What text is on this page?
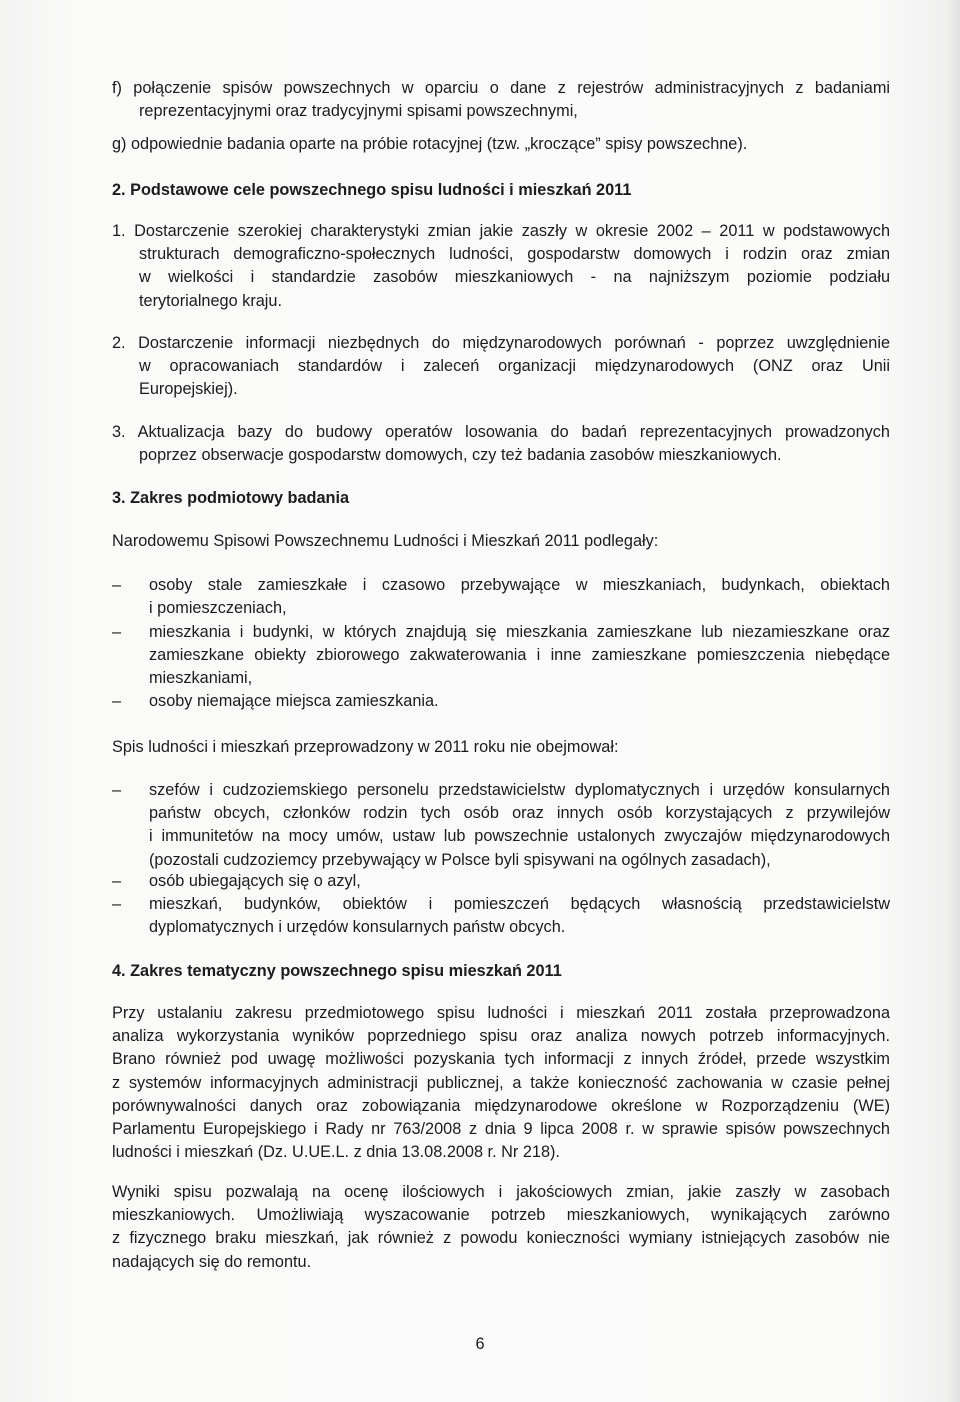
f) połączenie spisów powszechnych w oparciu o dane z rejestrów administracyjnych z badaniami
reprezentacyjnymi oraz tradycyjnymi spisami powszechnymi,
g) odpowiednie badania oparte na próbie rotacyjnej (tzw. „kroczące” spisy powszechne).
2. Podstawowe cele powszechnego spisu ludności i mieszkań 2011
1. Dostarczenie szerokiej charakterystyki zmian jakie zaszły w okresie 2002 – 2011 w podstawowych
strukturach demograficzno-społecznych ludności, gospodarstw domowych i rodzin oraz zmian
w wielkości i standardzie zasobów mieszkaniowych - na najniższym poziomie podziału
terytorialnego kraju.
2. Dostarczenie informacji niezbędnych do międzynarodowych porównań - poprzez uwzględnienie
w opracowaniach standardów i zaleceń organizacji międzynarodowych (ONZ oraz Unii
Europejskiej).
3. Aktualizacja bazy do budowy operatów losowania do badań reprezentacyjnych prowadzonych
poprzez obserwacje gospodarstw domowych, czy też badania zasobów mieszkaniowych.
3. Zakres podmiotowy badania
Narodowemu Spisowi Powszechnemu Ludności i Mieszkań 2011 podlegały:
–	osoby stale zamieszkałe i czasowo przebywające w mieszkaniach, budynkach, obiektach
i pomieszczeniach,
–	mieszkania i budynki, w których znajdują się mieszkania zamieszkane lub niezamieszkane oraz
zamieszkane obiekty zbiorowego zakwaterowania i inne zamieszkane pomieszczenia niebędące
mieszkaniami,
–	osoby niemające miejsca zamieszkania.
Spis ludności i mieszkań przeprowadzony w 2011 roku nie obejmował:
–	szefów i cudzoziemskiego personelu przedstawicielstw dyplomatycznych i urzędów konsularnych
państw obcych, członków rodzin tych osób oraz innych osób korzystających z przywilejów
i immunitetów na mocy umów, ustaw lub powszechnie ustalonych zwyczajów międzynarodowych
(pozostali cudzoziemcy przebywający w Polsce byli spisywani na ogólnych zasadach),
–	osób ubiegających się o azyl,
–	mieszkań, budynków, obiektów i pomieszczeń będących własnością przedstawicielstw
dyplomatycznych i urzędów konsularnych państw obcych.
4. Zakres tematyczny powszechnego spisu mieszkań 2011
Przy ustalaniu zakresu przedmiotowego spisu ludności i mieszkań 2011 została przeprowadzona
analiza wykorzystania wyników poprzedniego spisu oraz analiza nowych potrzeb informacyjnych.
Brano również pod uwagę możliwości pozyskania tych informacji z innych źródeł, przede wszystkim
z systemów informacyjnych administracji publicznej, a także konieczność zachowania w czasie pełnej
porównywalności danych oraz zobowiązania międzynarodowe określone w Rozporządzeniu (WE)
Parlamentu Europejskiego i Rady nr 763/2008 z dnia 9 lipca 2008 r. w sprawie spisów powszechnych
ludności i mieszkań (Dz. U.UE.L. z dnia 13.08.2008 r. Nr 218).
Wyniki spisu pozwalają na ocenę ilościowych i jakościowych zmian, jakie zaszły w zasobach
mieszkaniowych. Umożliwiają wyszacowanie potrzeb mieszkaniowych, wynikających zarówno
z fizycznego braku mieszkań, jak również z powodu konieczności wymiany istniejących zasobów nie
nadających się do remontu.
6
